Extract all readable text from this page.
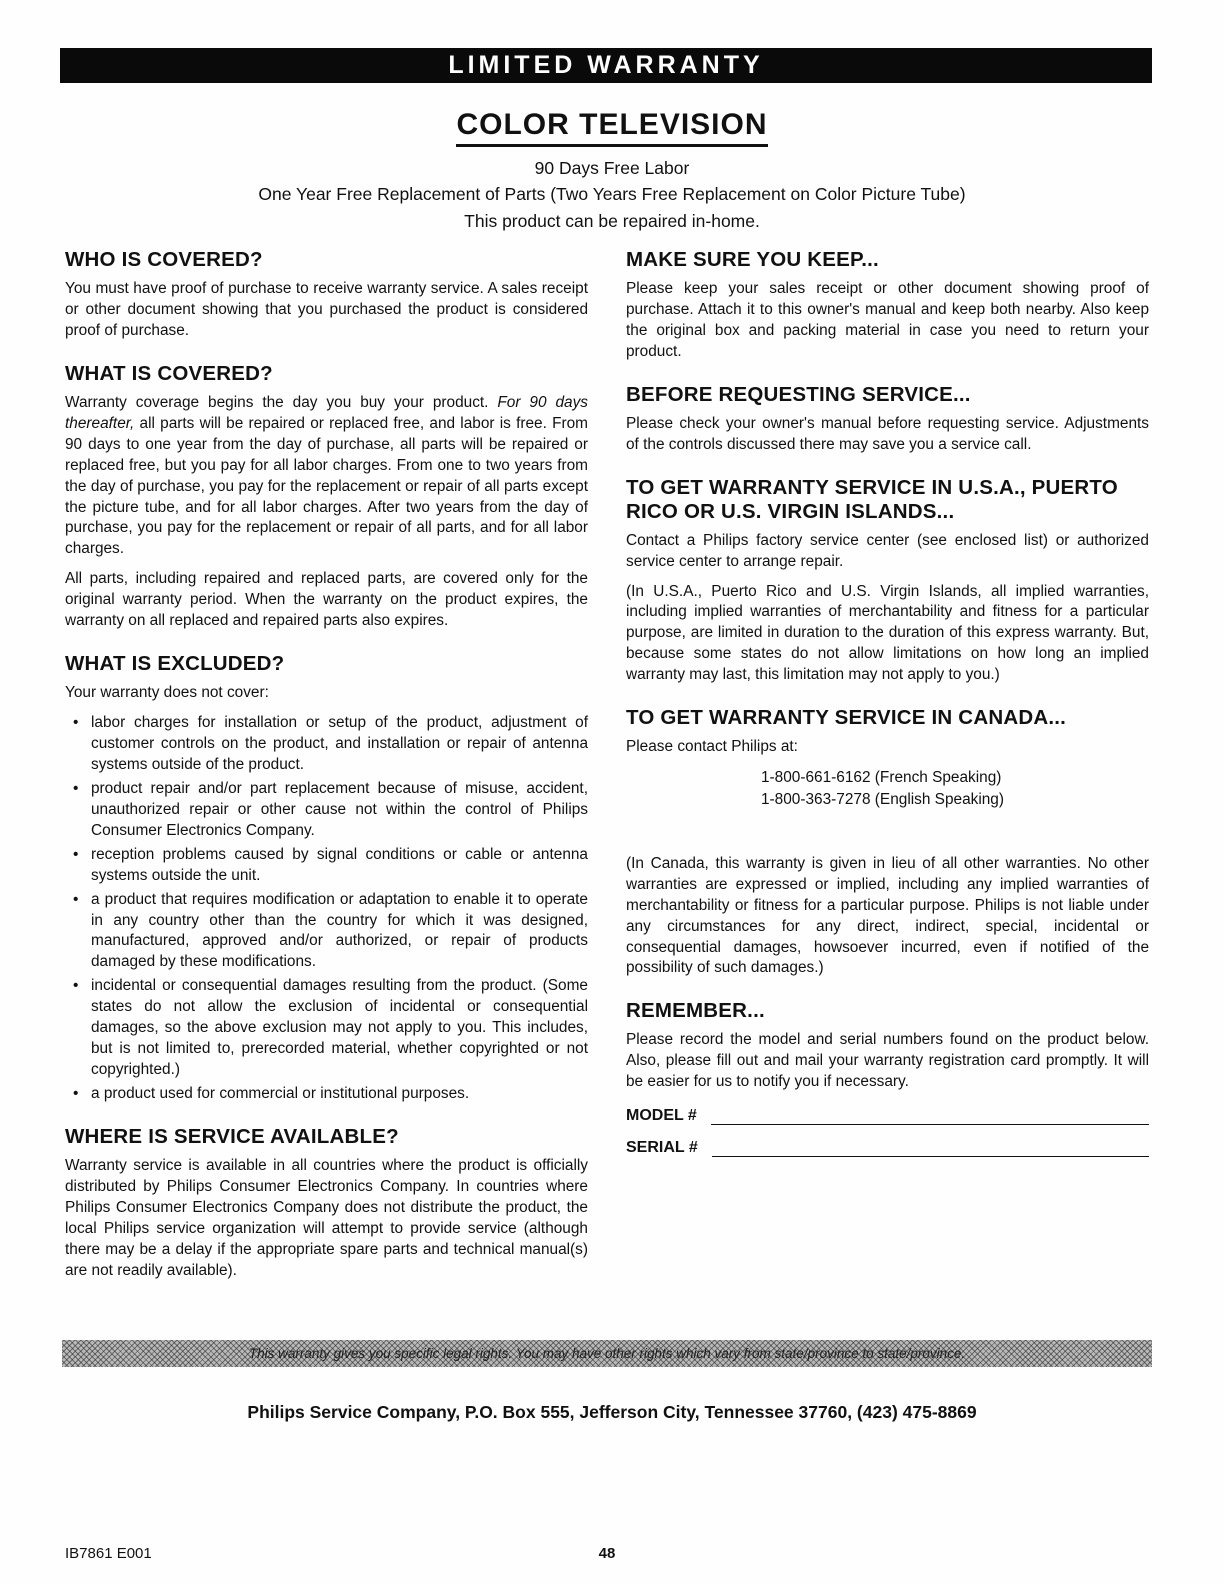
LIMITED WARRANTY
COLOR TELEVISION
90 Days Free Labor
One Year Free Replacement of Parts (Two Years Free Replacement on Color Picture Tube)
This product can be repaired in-home.
WHO IS COVERED?

You must have proof of purchase to receive warranty service. A sales receipt or other document showing that you purchased the product is considered proof of purchase.

WHAT IS COVERED?

Warranty coverage begins the day you buy your product. For 90 days thereafter, all parts will be repaired or replaced free, and labor is free. From 90 days to one year from the day of purchase, all parts will be repaired or replaced free, but you pay for all labor charges. From one to two years from the day of purchase, you pay for the replacement or repair of all parts except the picture tube, and for all labor charges. After two years from the day of purchase, you pay for the replacement or repair of all parts, and for all labor charges.

All parts, including repaired and replaced parts, are covered only for the original warranty period. When the warranty on the product expires, the warranty on all replaced and repaired parts also expires.

WHAT IS EXCLUDED?

Your warranty does not cover:

• labor charges for installation or setup of the product, adjustment of customer controls on the product, and installation or repair of antenna systems outside of the product.
• product repair and/or part replacement because of misuse, accident, unauthorized repair or other cause not within the control of Philips Consumer Electronics Company.
• reception problems caused by signal conditions or cable or antenna systems outside the unit.
• a product that requires modification or adaptation to enable it to operate in any country other than the country for which it was designed, manufactured, approved and/or authorized, or repair of products damaged by these modifications.
• incidental or consequential damages resulting from the product. (Some states do not allow the exclusion of incidental or consequential damages, so the above exclusion may not apply to you. This includes, but is not limited to, prerecorded material, whether copyrighted or not copyrighted.)
• a product used for commercial or institutional purposes.
WHERE IS SERVICE AVAILABLE?

Warranty service is available in all countries where the product is officially distributed by Philips Consumer Electronics Company. In countries where Philips Consumer Electronics Company does not distribute the product, the local Philips service organization will attempt to provide service (although there may be a delay if the appropriate spare parts and technical manual(s) are not readily available).

MAKE SURE YOU KEEP...

Please keep your sales receipt or other document showing proof of purchase. Attach it to this owner's manual and keep both nearby. Also keep the original box and packing material in case you need to return your product.

BEFORE REQUESTING SERVICE...

Please check your owner's manual before requesting service. Adjustments of the controls discussed there may save you a service call.

TO GET WARRANTY SERVICE IN U.S.A., PUERTO RICO OR U.S. VIRGIN ISLANDS...

Contact a Philips factory service center (see enclosed list) or authorized service center to arrange repair.

(In U.S.A., Puerto Rico and U.S. Virgin Islands, all implied warranties, including implied warranties of merchantability and fitness for a particular purpose, are limited in duration to the duration of this express warranty. But, because some states do not allow limitations on how long an implied warranty may last, this limitation may not apply to you.)

TO GET WARRANTY SERVICE IN CANADA...

Please contact Philips at:

1-800-661-6162 (French Speaking)
1-800-363-7278 (English Speaking)

(In Canada, this warranty is given in lieu of all other warranties. No other warranties are expressed or implied, including any implied warranties of merchantability or fitness for a particular purpose. Philips is not liable under any circumstances for any direct, indirect, special, incidental or consequential damages, howsoever incurred, even if notified of the possibility of such damages.)

REMEMBER...

Please record the model and serial numbers found on the product below. Also, please fill out and mail your warranty registration card promptly. It will be easier for us to notify you if necessary.

MODEL #
SERIAL #
This warranty gives you specific legal rights. You may have other rights which vary from state/province to state/province.
Philips Service Company, P.O. Box 555, Jefferson City, Tennessee 37760, (423) 475-8869
IB7861 E001	48
